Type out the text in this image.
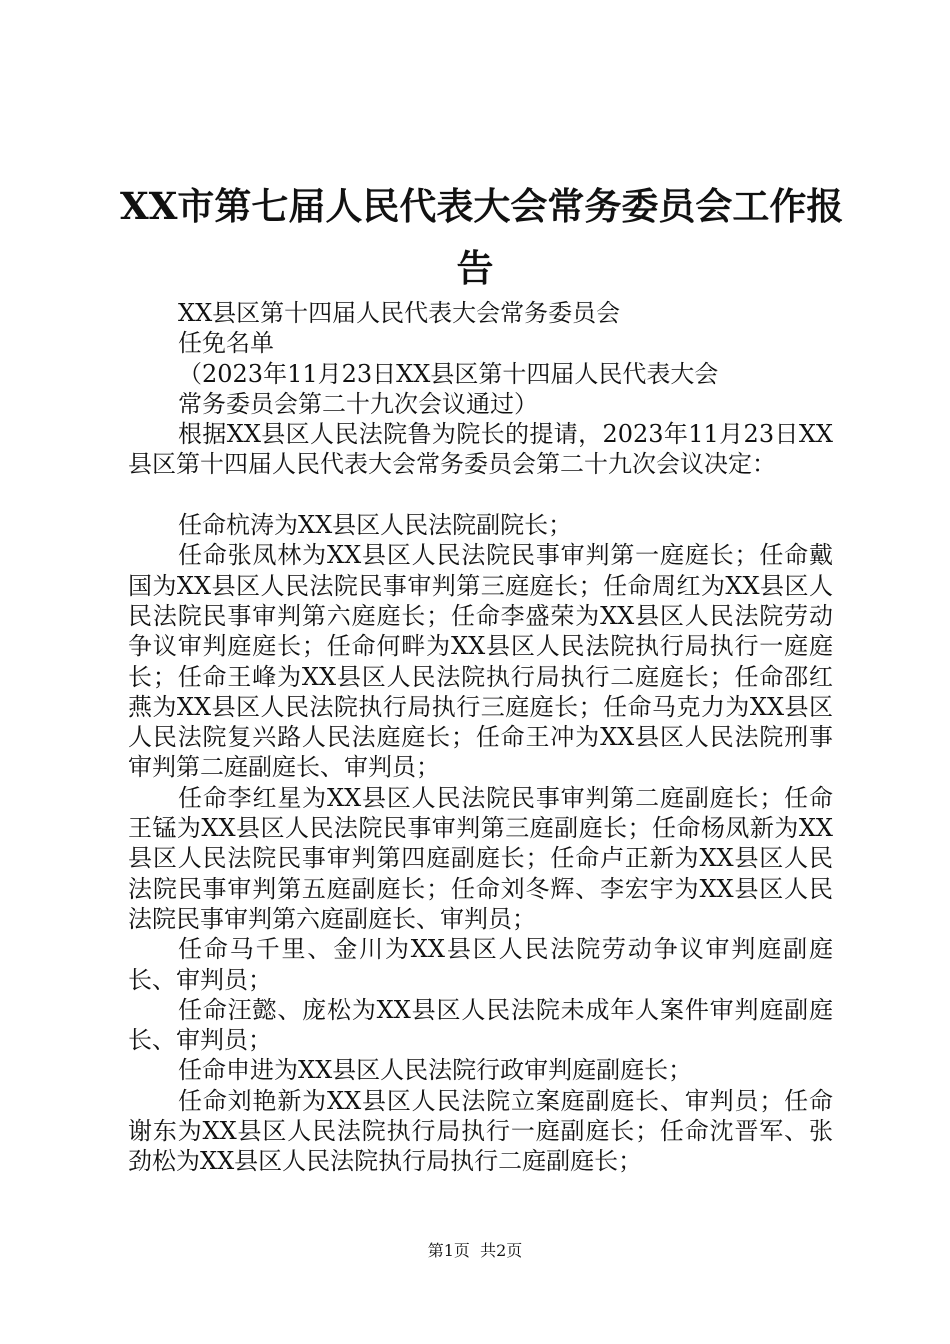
XX市第七届人民代表大会常务委员会工作报
告
XX县区第十四届人民代表大会常务委员会
任免名单
（2023年11月23日XX县区第十四届人民代表大会
常务委员会第二十九次会议通过）

根据XX县区人民法院鲁为院长的提请，2023年11月23日XX县区第十四届人民代表大会常务委员会第二十九次会议决定：

任命杭涛为XX县区人民法院副院长；

任命张凤林为XX县区人民法院民事审判第一庭庭长；任命戴国为XX县区人民法院民事审判第三庭庭长；任命周红为XX县区人民法院民事审判第六庭庭长；任命李盛荣为XX县区人民法院劳动争议审判庭庭长；任命何畔为XX县区人民法院执行局执行一庭庭长；任命王峰为XX县区人民法院执行局执行二庭庭长；任命邵红燕为XX县区人民法院执行局执行三庭庭长；任命马克力为XX县区人民法院复兴路人民法庭庭长；任命王冲为XX县区人民法院刑事审判第二庭副庭长、审判员；

任命李红星为XX县区人民法院民事审判第二庭副庭长；任命王锰为XX县区人民法院民事审判第三庭副庭长；任命杨凤新为XX县区人民法院民事审判第四庭副庭长；任命卢正新为XX县区人民法院民事审判第五庭副庭长；任命刘冬辉、李宏宇为XX县区人民法院民事审判第六庭副庭长、审判员；

任命马千里、金川为XX县区人民法院劳动争议审判庭副庭长、审判员；

任命汪懿、庞松为XX县区人民法院未成年人案件审判庭副庭长、审判员；

任命申进为XX县区人民法院行政审判庭副庭长；

任命刘艳新为XX县区人民法院立案庭副庭长、审判员；任命谢东为XX县区人民法院执行局执行一庭副庭长；任命沈晋军、张劲松为XX县区人民法院执行局执行二庭副庭长；

第1页  共2页
